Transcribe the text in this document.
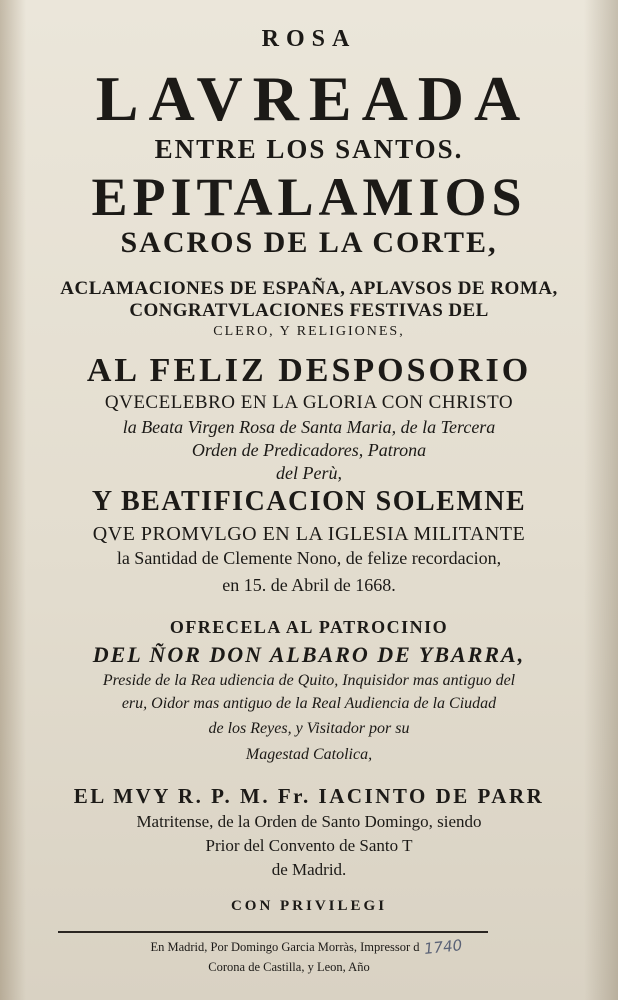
ROSA
LAVREADA
ENTRE LOS SANTOS.
EPITALAMIOS
SACROS DE LA CORTE,
ACLAMACIONES DE ESPAÑA, APLAVSOS DE ROMA,
CONGRATVLACIONES FESTIVAS DEL
CLERO, Y RELIGIONES,
AL FELIZ DESPOSORIO
QVECELEBRO EN LA GLORIA CON CHRISTO
la Beata Virgen Rosa de Santa Maria, de la Tercera
Orden de Predicadores, Patrona
del Perù,
Y BEATIFICACION SOLEMNE
QVE PROMVLGO EN LA IGLESIA MILITANTE
la Santidad de Clemente Nono, de felize recordacion,
en 15. de Abril de 1668.
OFRECELA AL PATROCINIO
DEL ÑOR DON ALBARO DE YBARRA,
Preside de la Rea udiencia de Quito, Inquisidor mas antiguo del
eru, Oidor mas antiguo de la Real Audiencia de la Ciudad
de los Reyes, y Visitador por su
Magestad Catolica,
EL MVY R. P. M. Fr. IACINTO DE PARR
Matritense, de la Orden de Santo Domingo, siendo
Prior del Convento de Santo T
de Madrid.
CON PRIVILEGI
En Madrid, Por Domingo Garcia Morràs, Impressor d
Corona de Castilla, y Leon, Año
1740
